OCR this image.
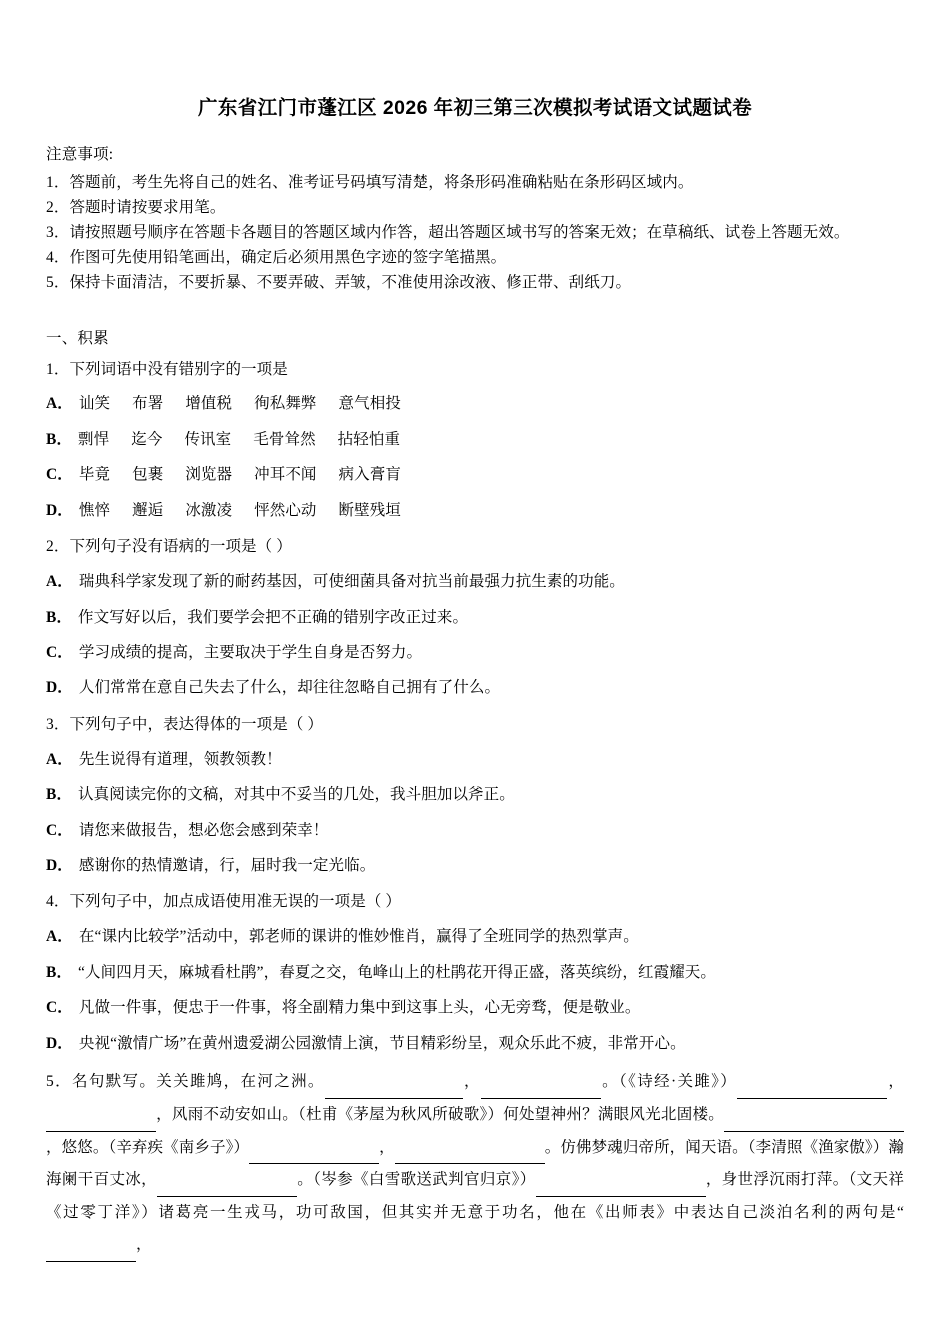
广东省江门市蓬江区 2026 年初三第三次模拟考试语文试题试卷
注意事项:
1．答题前，考生先将自己的姓名、准考证号码填写清楚，将条形码准确粘贴在条形码区域内。
2．答题时请按要求用笔。
3．请按照题号顺序在答题卡各题目的答题区域内作答，超出答题区域书写的答案无效；在草稿纸、试卷上答题无效。
4．作图可先使用铅笔画出，确定后必须用黑色字迹的签字笔描黑。
5．保持卡面清洁，不要折暴、不要弄破、弄皱，不准使用涂改液、修正带、刮纸刀。
一、积累
1．下列词语中没有错别字的一项是
A． 讪笑 布署 增值税 徇私舞弊 意气相投
B． 剽悍 迄今 传讯室 毛骨耸然 拈轻怕重
C． 毕竟 包裹 浏览器 冲耳不闻 病入膏肓
D． 憔悴 邂逅 冰激凌 怦然心动 断壁残垣
2．下列句子没有语病的一项是（ ）
A． 瑞典科学家发现了新的耐药基因，可使细菌具备对抗当前最强力抗生素的功能。
B． 作文写好以后，我们要学会把不正确的错别字改正过来。
C． 学习成绩的提高，主要取决于学生自身是否努力。
D． 人们常常在意自己失去了什么，却往往忽略自己拥有了什么。
3．下列句子中，表达得体的一项是（ ）
A． 先生说得有道理，领教领教！
B． 认真阅读完你的文稿，对其中不妥当的几处，我斗胆加以斧正。
C． 请您来做报告，想必您会感到荣幸！
D． 感谢你的热情邀请，行，届时我一定光临。
4．下列句子中，加点成语使用准无误的一项是（ ）
A． 在“课内比较学”活动中，郭老师的课讲的惟妙惟肖，赢得了全班同学的热烈掌声。
B． “人间四月天，麻城看杜鹃”，春夏之交，龟峰山上的杜鹃花开得正盛，落英缤纷，红霞耀天。
C． 凡做一件事，便忠于一件事，将全副精力集中到这事上头，心无旁骛，便是敬业。
D． 央视“激情广场”在黄州遗爱湖公园激情上演，节目精彩纷呈，观众乐此不疲，非常开心。
5．名句默写。关关雎鸠，在河之洲。	，	。（《诗经·关雎》）	， ，风雨不动安如山。（杜甫《茅屋为秋风所破歌》）何处望神州？满眼风光北固楼。 ，悠悠。（辛弃疾《南乡子》）	，	。仿佛梦魂归帝所，闻天语。（李清照《渔家傲》）瀚海阑干百丈冰，	。（岑参《白雪歌送武判官归京》）	，身世浮沉雨打萍。（文天祥《过零丁洋》）诸葛亮一生戎马，功可敌国，但其实并无意于功名，他在《出师表》中表达自己淡泊名利的两句是“ ，
